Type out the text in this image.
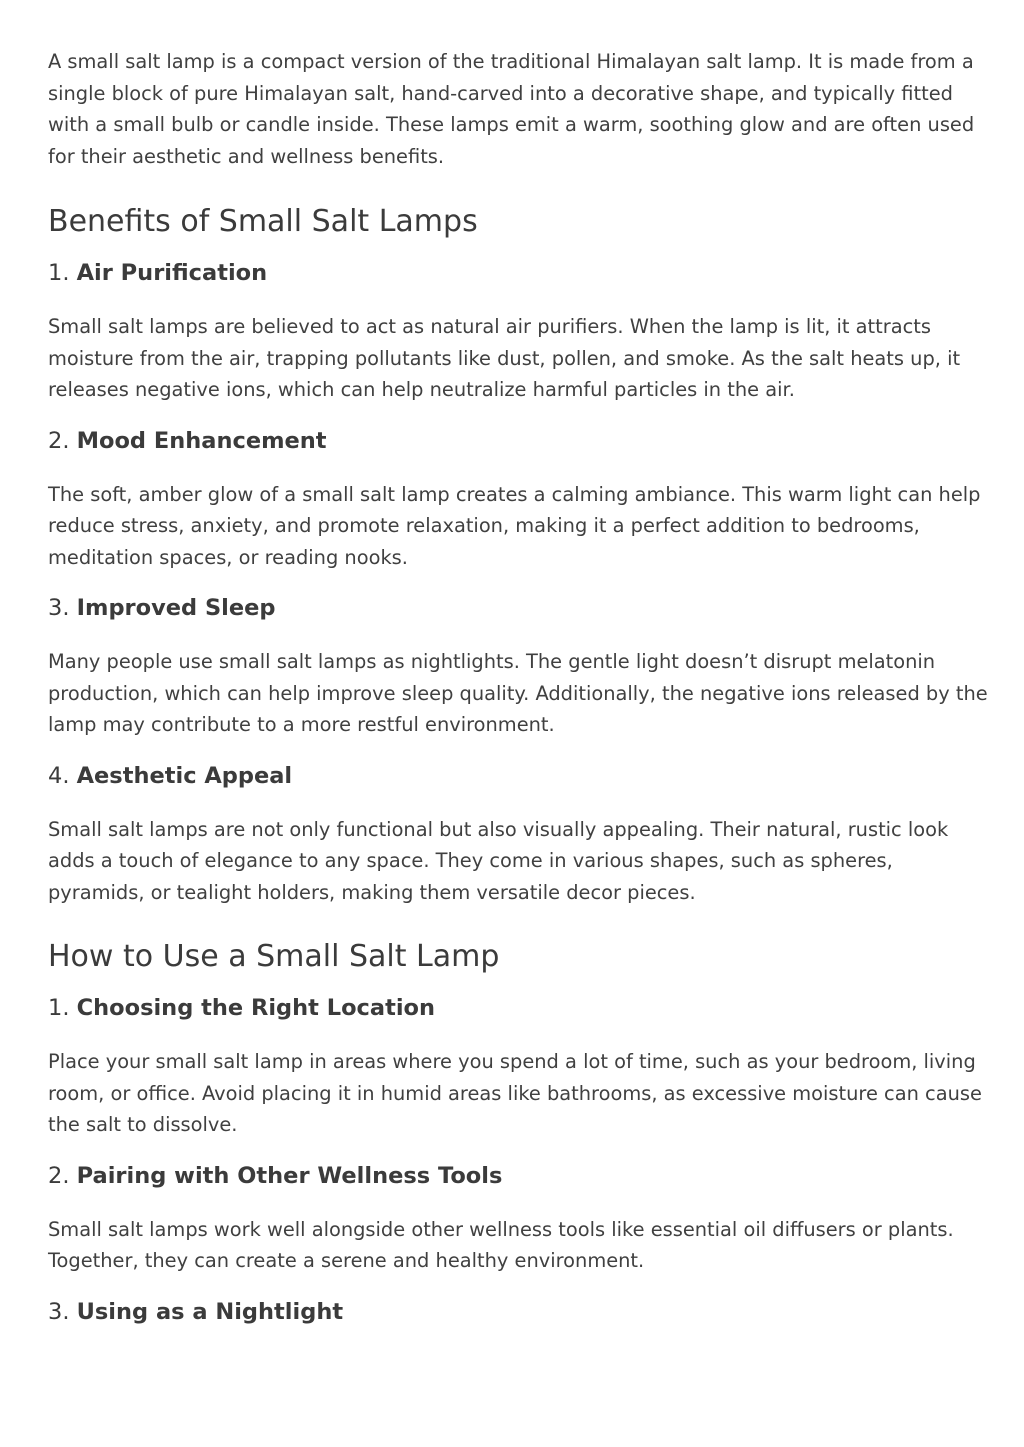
A small salt lamp is a compact version of the traditional Himalayan salt lamp. It is made from a single block of pure Himalayan salt, hand-carved into a decorative shape, and typically fitted with a small bulb or candle inside. These lamps emit a warm, soothing glow and are often used for their aesthetic and wellness benefits.

Benefits of Small Salt Lamps
1. Air Purification

Small salt lamps are believed to act as natural air purifiers. When the lamp is lit, it attracts moisture from the air, trapping pollutants like dust, pollen, and smoke. As the salt heats up, it releases negative ions, which can help neutralize harmful particles in the air.

2. Mood Enhancement

The soft, amber glow of a small salt lamp creates a calming ambiance. This warm light can help reduce stress, anxiety, and promote relaxation, making it a perfect addition to bedrooms, meditation spaces, or reading nooks.

3. Improved Sleep

Many people use small salt lamps as nightlights. The gentle light doesn’t disrupt melatonin production, which can help improve sleep quality. Additionally, the negative ions released by the lamp may contribute to a more restful environment.

4. Aesthetic Appeal

Small salt lamps are not only functional but also visually appealing. Their natural, rustic look adds a touch of elegance to any space. They come in various shapes, such as spheres, pyramids, or tealight holders, making them versatile decor pieces.

How to Use a Small Salt Lamp
1. Choosing the Right Location

Place your small salt lamp in areas where you spend a lot of time, such as your bedroom, living room, or office. Avoid placing it in humid areas like bathrooms, as excessive moisture can cause the salt to dissolve.

2. Pairing with Other Wellness Tools

Small salt lamps work well alongside other wellness tools like essential oil diffusers or plants. Together, they can create a serene and healthy environment.

3. Using as a Nightlight
